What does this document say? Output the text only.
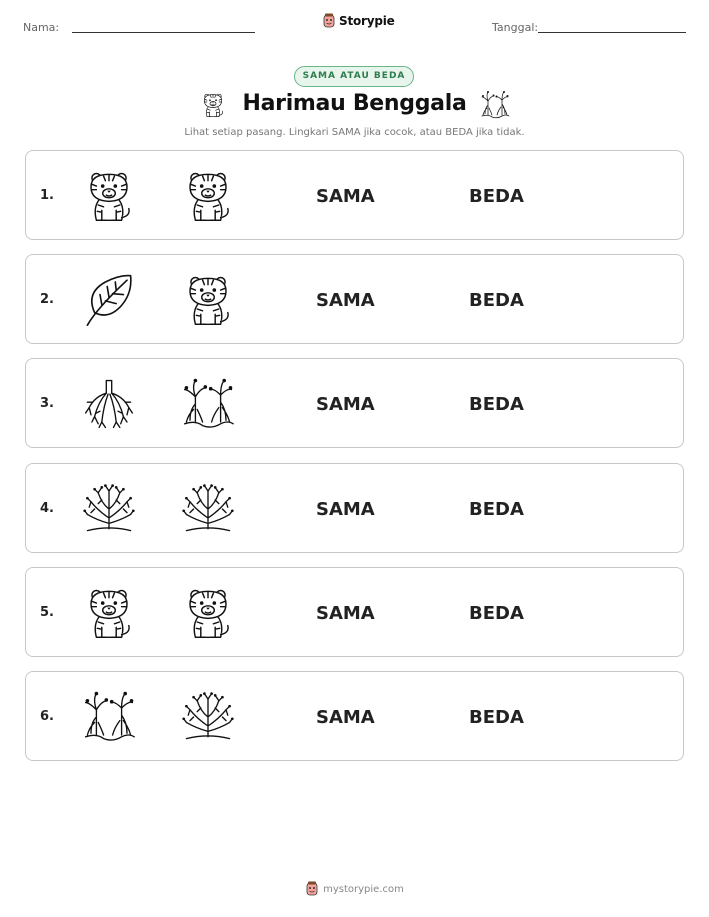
Nama:	Storypie	Tanggal:
SAMA ATAU BEDA
Harimau Benggala
Lihat setiap pasang. Lingkari SAMA jika cocok, atau BEDA jika tidak.
1.	SAMA	BEDA
2.	SAMA	BEDA
3.	SAMA	BEDA
4.	SAMA	BEDA
5.	SAMA	BEDA
6.	SAMA	BEDA
mystorypie.com
